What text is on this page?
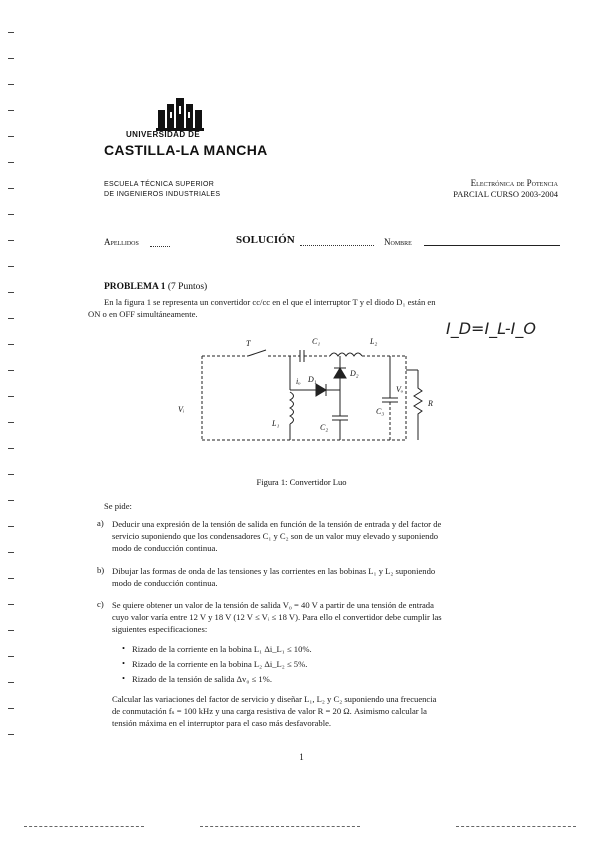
UNIVERSIDAD DE
CASTILLA-LA MANCHA
ESCUELA TÉCNICA SUPERIOR
DE INGENIEROS INDUSTRIALES
Electrónica de Potencia
PARCIAL CURSO 2003-2004
Apellidos	SOLUCIÓN	Nombre
PROBLEMA 1 (7 Puntos)
En la figura 1 se representa un convertidor cc/cc en el que el interruptor T y el diodo D₁ están en
ON o en OFF simultáneamente.
I_D=I_L-I_O
T	C₁	L₂
D₂
D₁
Vᵢ
L₁	C₂
C₃
Vₒ
R
iₒ
Figura 1: Convertidor Luo
Se pide:
a) Deducir una expresión de la tensión de salida en función de la tensión de entrada y del factor de
servicio suponiendo que los condensadores C₁ y C₂ son de un valor muy elevado y suponiendo
modo de conducción continua.
b) Dibujar las formas de onda de las tensiones y las corrientes en las bobinas L₁ y L₂ suponiendo
modo de conducción continua.
c) Se quiere obtener un valor de la tensión de salida V₀ = 40 V a partir de una tensión de entrada
cuyo valor varía entre 12 V y 18 V (12 V ≤ Vᵢ ≤ 18 V). Para ello el convertidor debe cumplir las
siguientes especificaciones:
• Rizado de la corriente en la bobina L₁ Δi_L₁ ≤ 10%.
• Rizado de la corriente en la bobina L₂ Δi_L₂ ≤ 5%.
• Rizado de la tensión de salida Δv₀ ≤ 1%.
Calcular las variaciones del factor de servicio y diseñar L₁, L₂ y C₂ suponiendo una frecuencia
de conmutación fₛ = 100 kHz y una carga resistiva de valor R = 20 Ω. Asimismo calcular la
tensión máxima en el interruptor para el caso más desfavorable.
1
